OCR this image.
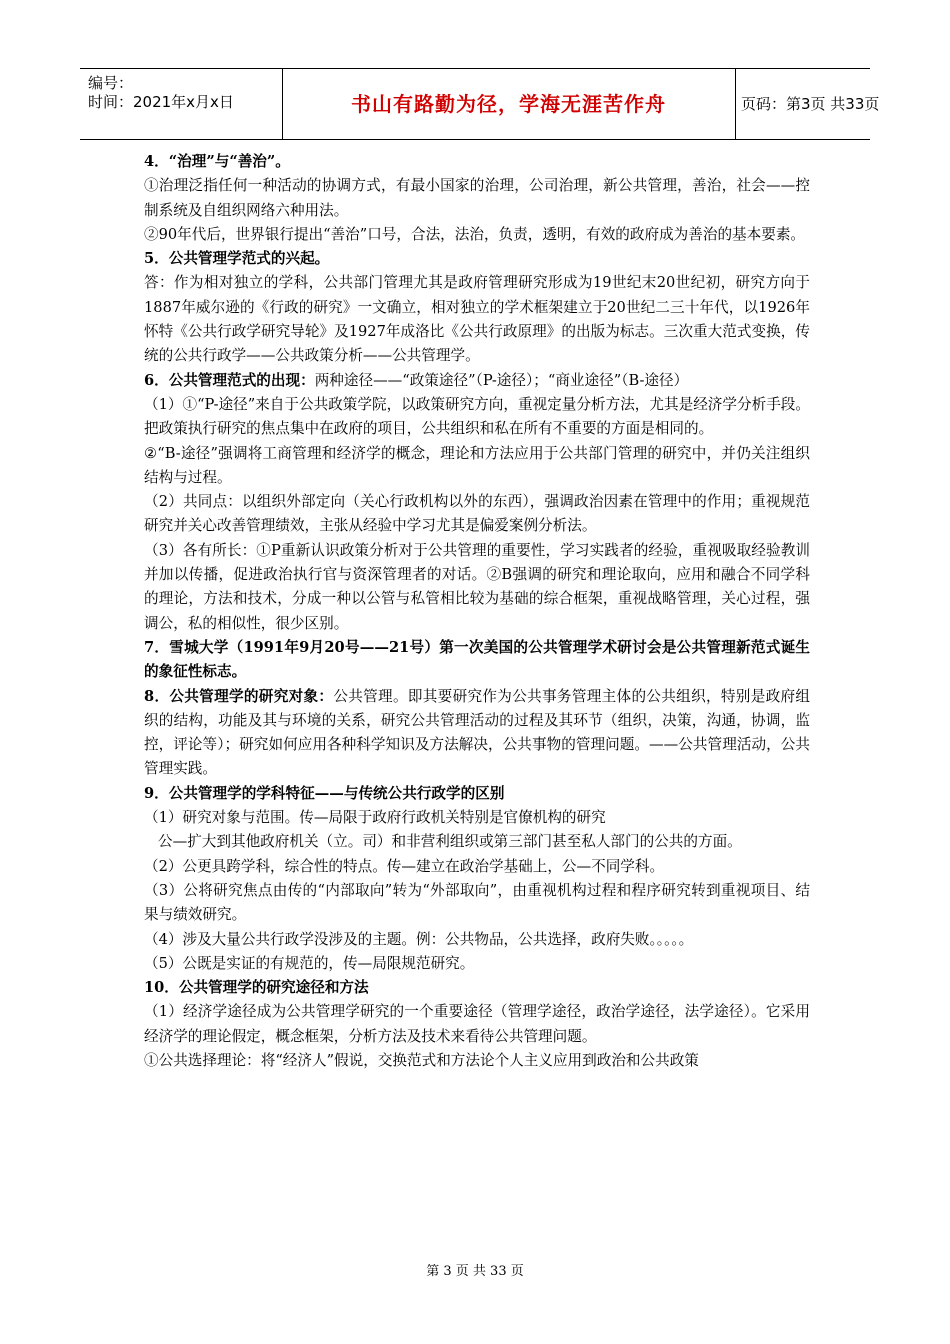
编号：
时间：2021年x月x日	书山有路勤为径，学海无涯苦作舟	页码：第3页 共33页

4．“治理”与“善治”。

①治理泛指任何一种活动的协调方式，有最小国家的治理，公司治理，新公共管理，善治，社会——控制系统及自组织网络六种用法。

②90年代后，世界银行提出“善治”口号，合法，法治，负责，透明，有效的政府成为善治的基本要素。

5．公共管理学范式的兴起。

答：作为相对独立的学科，公共部门管理尤其是政府管理研究形成为19世纪末20世纪初，研究方向于1887年威尔逊的《行政的研究》一文确立，相对独立的学术框架建立于20世纪二三十年代，以1926年怀特《公共行政学研究导轮》及1927年成洛比《公共行政原理》的出版为标志。三次重大范式变换，传统的公共行政学——公共政策分析——公共管理学。

6．公共管理范式的出现：两种途径——“政策途径”（P-途径）；“商业途径”（B-途径）

（1）①“P-途径”来自于公共政策学院，以政策研究方向，重视定量分析方法，尤其是经济学分析手段。把政策执行研究的焦点集中在政府的项目，公共组织和私在所有不重要的方面是相同的。

②“B-途径”强调将工商管理和经济学的概念，理论和方法应用于公共部门管理的研究中，并仍关注组织结构与过程。

（2）共同点：以组织外部定向（关心行政机构以外的东西），强调政治因素在管理中的作用；重视规范研究并关心改善管理绩效，主张从经验中学习尤其是偏爱案例分析法。

（3）各有所长：①P重新认识政策分析对于公共管理的重要性，学习实践者的经验，重视吸取经验教训并加以传播，促进政治执行官与资深管理者的对话。②B强调的研究和理论取向，应用和融合不同学科的理论，方法和技术，分成一种以公管与私管相比较为基础的综合框架，重视战略管理，关心过程，强调公，私的相似性，很少区别。

7．雪城大学（1991年9月20号——21号）第一次美国的公共管理学术研讨会是公共管理新范式诞生的象征性标志。

8．公共管理学的研究对象：公共管理。即其要研究作为公共事务管理主体的公共组织，特别是政府组织的结构，功能及其与环境的关系，研究公共管理活动的过程及其环节（组织，决策，沟通，协调，监控，评论等）；研究如何应用各种科学知识及方法解决，公共事物的管理问题。——公共管理活动，公共管理实践。

9．公共管理学的学科特征——与传统公共行政学的区别

（1）研究对象与范围。传—局限于政府行政机关特别是官僚机构的研究

公—扩大到其他政府机关（立。司）和非营利组织或第三部门甚至私人部门的公共的方面。

（2）公更具跨学科，综合性的特点。传—建立在政治学基础上，公—不同学科。

（3）公将研究焦点由传的“内部取向”转为“外部取向”，由重视机构过程和程序研究转到重视项目、结果与绩效研究。

（4）涉及大量公共行政学没涉及的主题。例：公共物品，公共选择，政府失败。。。。。

（5）公既是实证的有规范的，传—局限规范研究。

10．公共管理学的研究途径和方法

（1）经济学途径成为公共管理学研究的一个重要途径（管理学途径，政治学途径，法学途径）。它采用经济学的理论假定，概念框架，分析方法及技术来看待公共管理问题。

①公共选择理论：将“经济人”假说，交换范式和方法论个人主义应用到政治和公共政策

第 3 页 共 33 页
